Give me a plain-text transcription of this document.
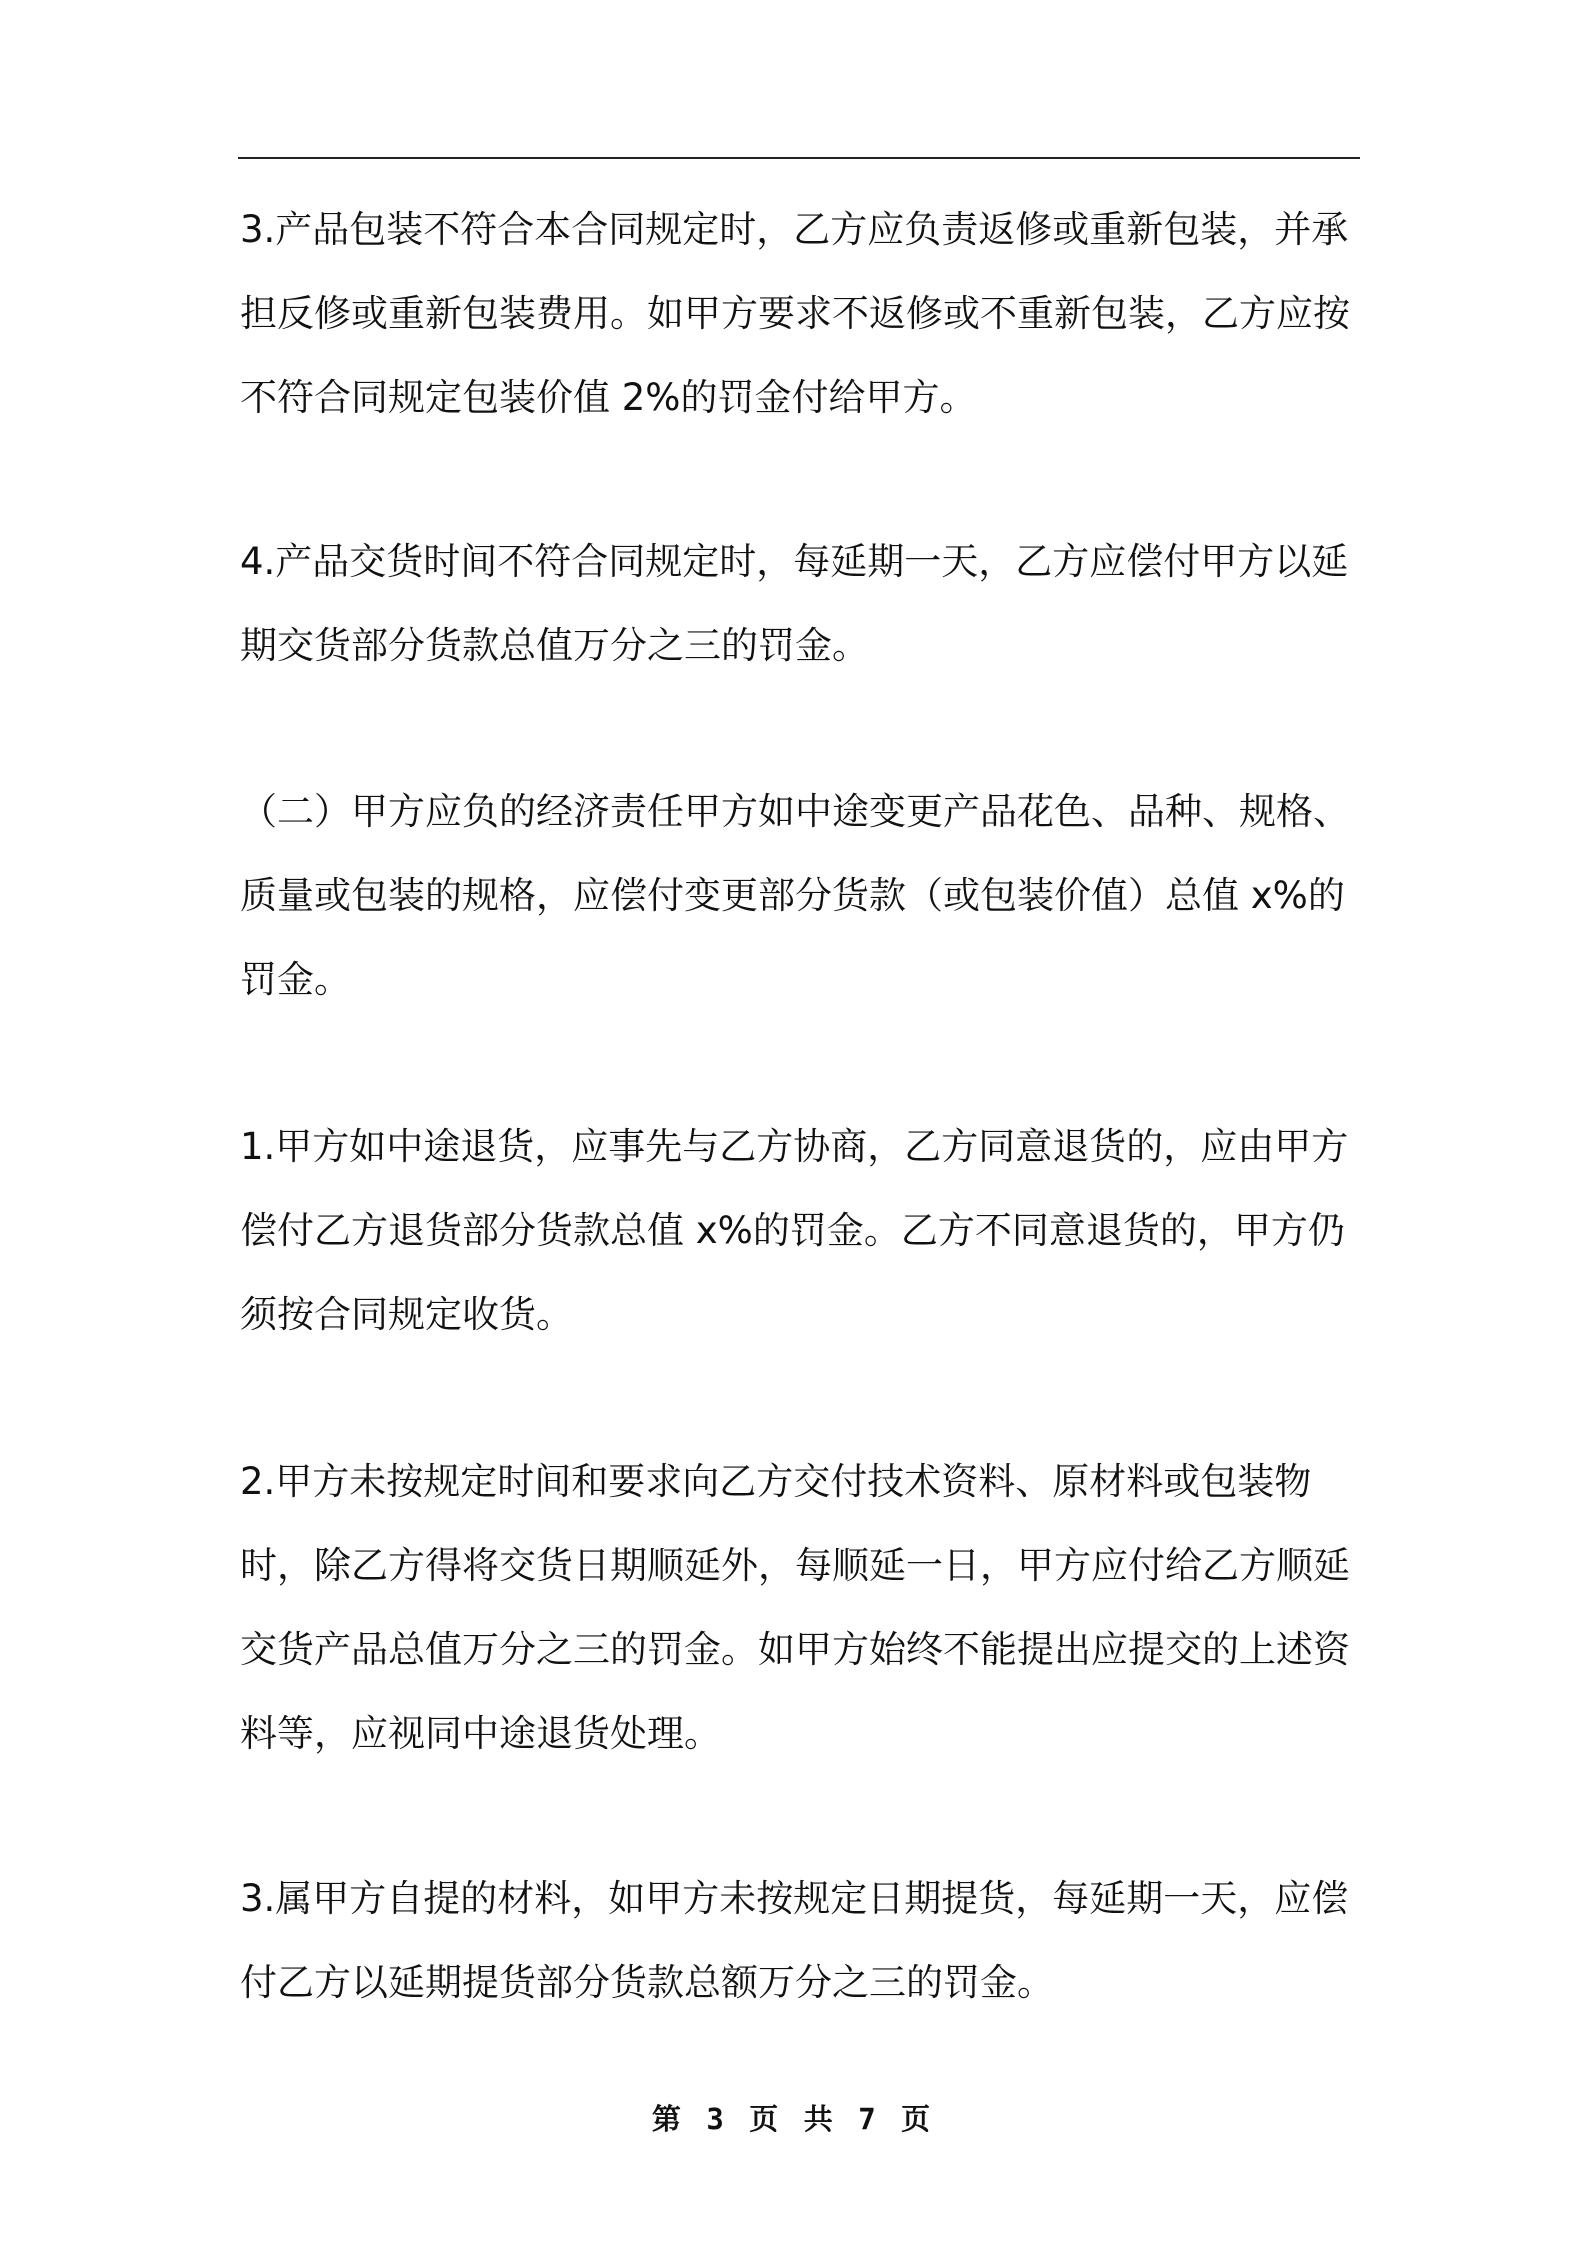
3.产品包装不符合本合同规定时，乙方应负责返修或重新包装，并承担反修或重新包装费用。如甲方要求不返修或不重新包装，乙方应按不符合同规定包装价值 2%的罚金付给甲方。

4.产品交货时间不符合同规定时，每延期一天，乙方应偿付甲方以延期交货部分货款总值万分之三的罚金。

（二）甲方应负的经济责任甲方如中途变更产品花色、品种、规格、质量或包装的规格，应偿付变更部分货款（或包装价值）总值 x%的罚金。

1.甲方如中途退货，应事先与乙方协商，乙方同意退货的，应由甲方偿付乙方退货部分货款总值 x%的罚金。乙方不同意退货的，甲方仍须按合同规定收货。

2.甲方未按规定时间和要求向乙方交付技术资料、原材料或包装物时，除乙方得将交货日期顺延外，每顺延一日，甲方应付给乙方顺延交货产品总值万分之三的罚金。如甲方始终不能提出应提交的上述资料等，应视同中途退货处理。

3.属甲方自提的材料，如甲方未按规定日期提货，每延期一天，应偿付乙方以延期提货部分货款总额万分之三的罚金。

第 3 页 共 7 页
